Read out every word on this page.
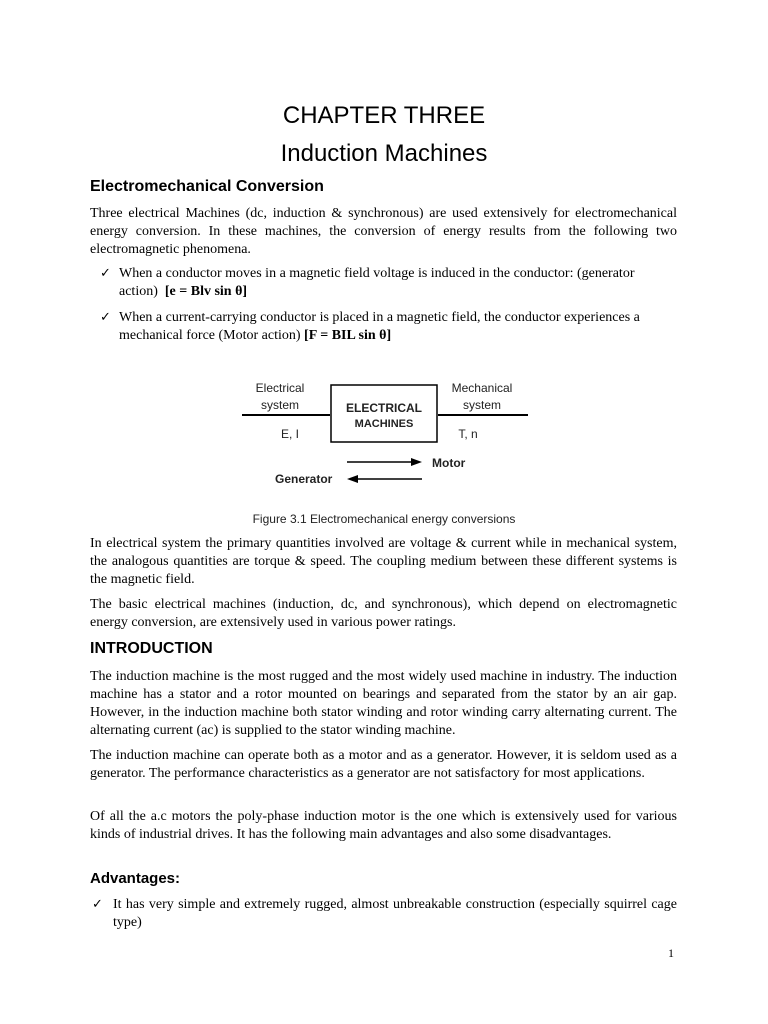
CHAPTER THREE
Induction Machines
Electromechanical Conversion

Three electrical Machines (dc, induction & synchronous) are used extensively for electromechanical energy conversion. In these machines, the conversion of energy results from the following two electromagnetic phenomena.

✓ When a conductor moves in a magnetic field voltage is induced in the conductor: (generator action) [e = Blv sin θ]
✓ When a current-carrying conductor is placed in a magnetic field, the conductor experiences a mechanical force (Motor action) [F = BIL sin θ]
Electrical
system
E, I
ELECTRICAL
MACHINES
Mechanical
system
T, n
Motor
Generator
Figure 3.1 Electromechanical energy conversions

In electrical system the primary quantities involved are voltage & current while in mechanical system, the analogous quantities are torque & speed. The coupling medium between these different systems is the magnetic field.

The basic electrical machines (induction, dc, and synchronous), which depend on electromagnetic energy conversion, are extensively used in various power ratings.

INTRODUCTION

The induction machine is the most rugged and the most widely used machine in industry. The induction machine has a stator and a rotor mounted on bearings and separated from the stator by an air gap. However, in the induction machine both stator winding and rotor winding carry alternating current. The alternating current (ac) is supplied to the stator winding machine.

The induction machine can operate both as a motor and as a generator. However, it is seldom used as a generator. The performance characteristics as a generator are not satisfactory for most applications.

Of all the a.c motors the poly-phase induction motor is the one which is extensively used for various kinds of industrial drives. It has the following main advantages and also some disadvantages.

Advantages:
✓ It has very simple and extremely rugged, almost unbreakable construction (especially squirrel cage type)
1
